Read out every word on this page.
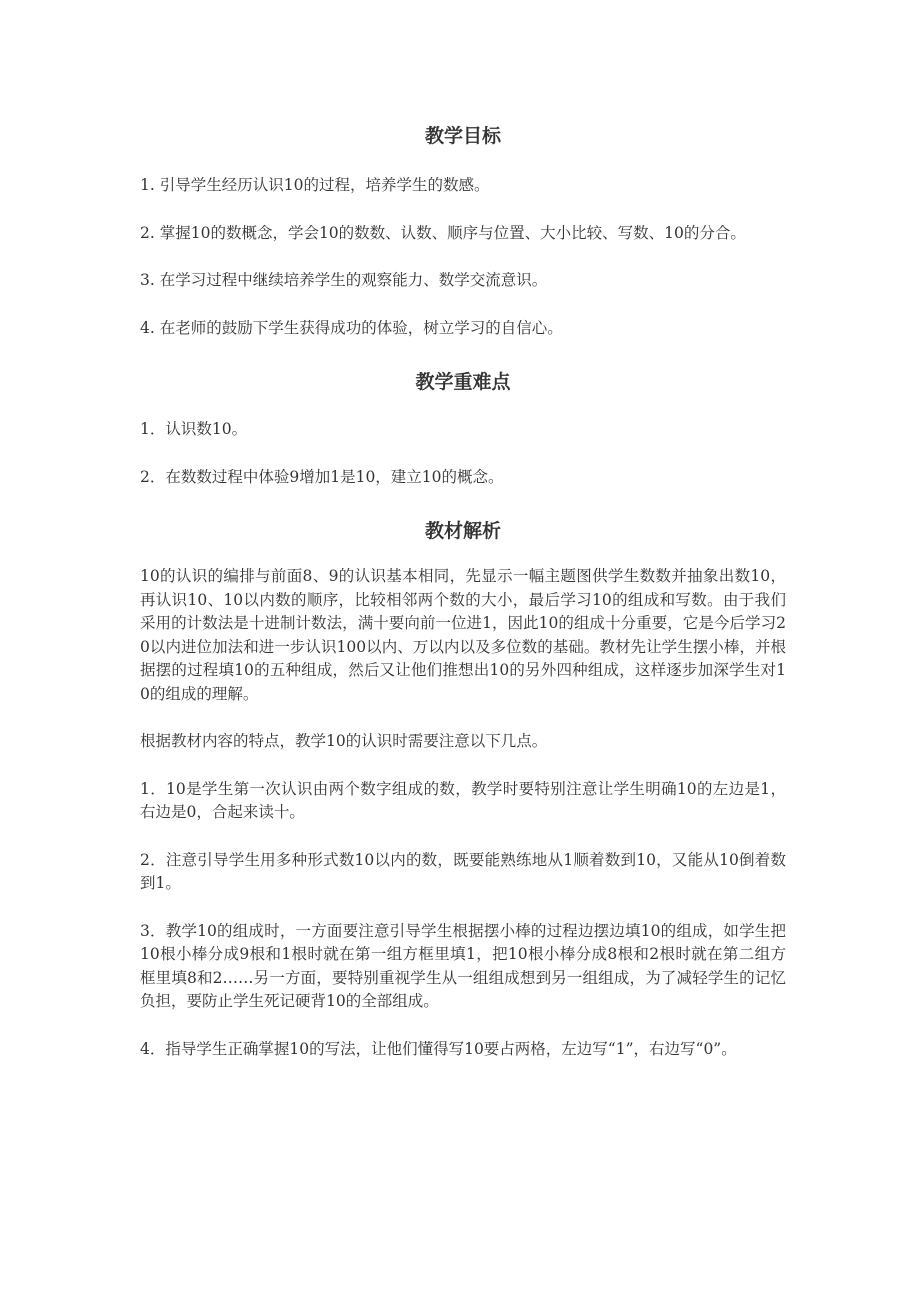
教学目标

1. 引导学生经历认识10的过程，培养学生的数感。

2. 掌握10的数概念，学会10的数数、认数、顺序与位置、大小比较、写数、10的分合。

3. 在学习过程中继续培养学生的观察能力、数学交流意识。

4. 在老师的鼓励下学生获得成功的体验，树立学习的自信心。

教学重难点

1．认识数10。

2．在数数过程中体验9增加1是10，建立10的概念。

教材解析

10的认识的编排与前面8、9的认识基本相同，先显示一幅主题图供学生数数并抽象出数10，再认识10、10以内数的顺序，比较相邻两个数的大小，最后学习10的组成和写数。由于我们采用的计数法是十进制计数法，满十要向前一位进1，因此10的组成十分重要，它是今后学习20以内进位加法和进一步认识100以内、万以内以及多位数的基础。教材先让学生摆小棒，并根据摆的过程填10的五种组成，然后又让他们推想出10的另外四种组成，这样逐步加深学生对10的组成的理解。

根据教材内容的特点，教学10的认识时需要注意以下几点。

1．10是学生第一次认识由两个数字组成的数，教学时要特别注意让学生明确10的左边是1，右边是0，合起来读十。

2．注意引导学生用多种形式数10以内的数，既要能熟练地从1顺着数到10，又能从10倒着数到1。

3．教学10的组成时，一方面要注意引导学生根据摆小棒的过程边摆边填10的组成，如学生把10根小棒分成9根和1根时就在第一组方框里填1，把10根小棒分成8根和2根时就在第二组方框里填8和2……另一方面，要特别重视学生从一组组成想到另一组组成，为了减轻学生的记忆负担，要防止学生死记硬背10的全部组成。

4．指导学生正确掌握10的写法，让他们懂得写10要占两格，左边写“1”，右边写“0”。
